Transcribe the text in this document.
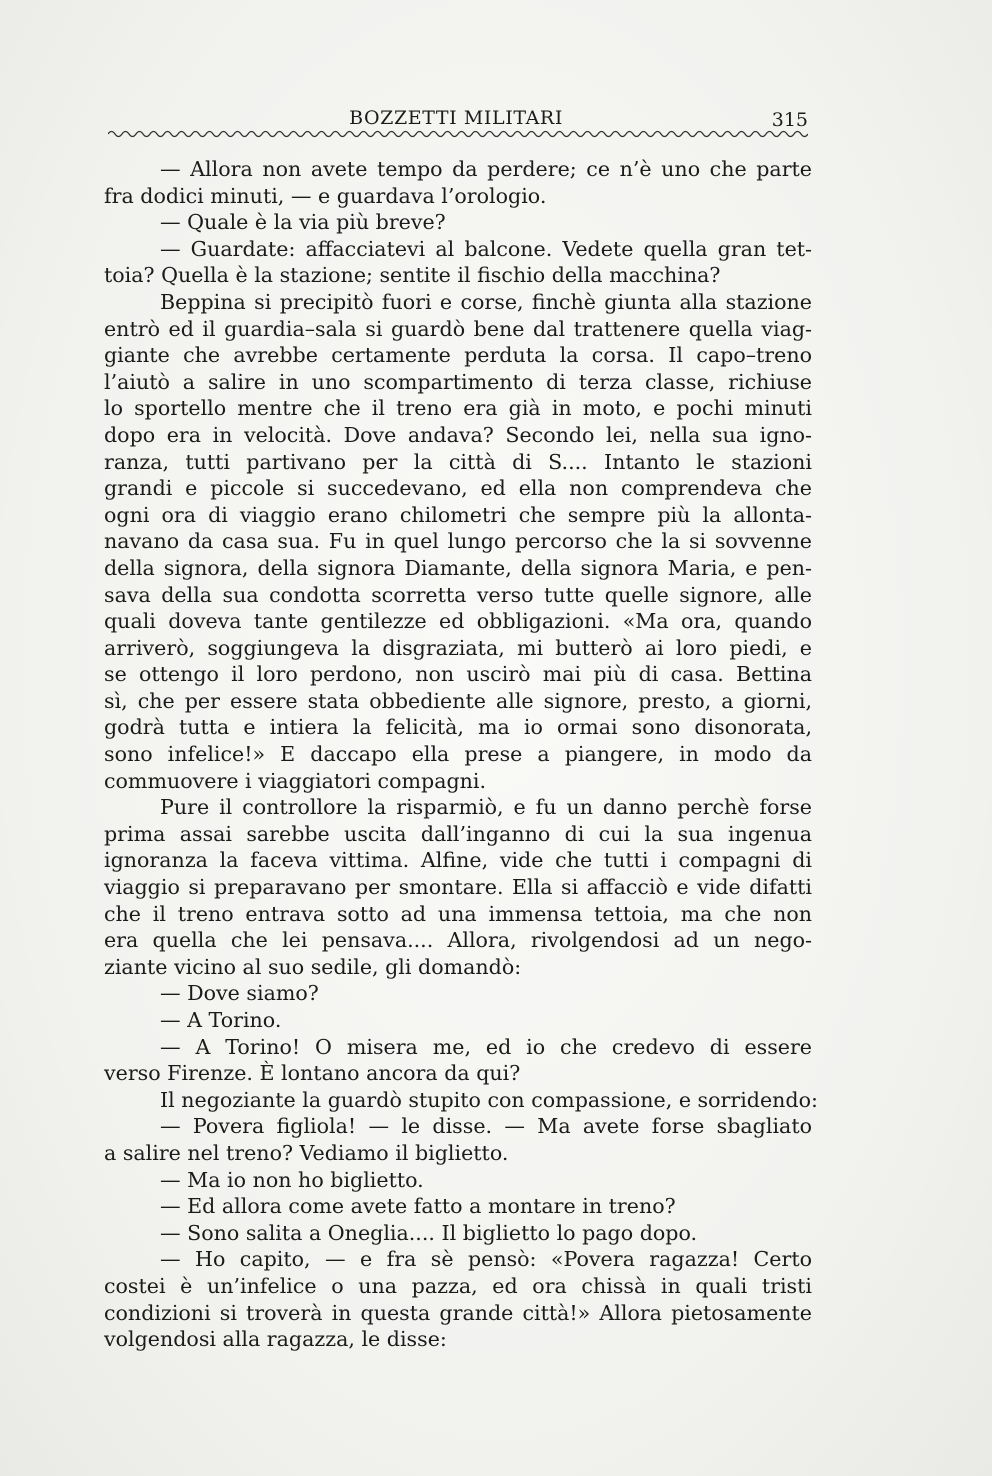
BOZZETTI MILITARI	315
— Allora non avete tempo da perdere; ce n’è uno che parte
fra dodici minuti, — e guardava l’orologio.
— Quale è la via più breve?
— Guardate: affacciatevi al balcone. Vedete quella gran tet-
toia? Quella è la stazione; sentite il fischio della macchina?
Beppina si precipitò fuori e corse, finchè giunta alla stazione
entrò ed il guardia–sala si guardò bene dal trattenere quella viag-
giante che avrebbe certamente perduta la corsa. Il capo–treno
l’aiutò a salire in uno scompartimento di terza classe, richiuse
lo sportello mentre che il treno era già in moto, e pochi minuti
dopo era in velocità. Dove andava? Secondo lei, nella sua igno-
ranza, tutti partivano per la città di S.... Intanto le stazioni
grandi e piccole si succedevano, ed ella non comprendeva che
ogni ora di viaggio erano chilometri che sempre più la allonta-
navano da casa sua. Fu in quel lungo percorso che la si sovvenne
della signora, della signora Diamante, della signora Maria, e pen-
sava della sua condotta scorretta verso tutte quelle signore, alle
quali doveva tante gentilezze ed obbligazioni. «Ma ora, quando
arriverò, soggiungeva la disgraziata, mi butterò ai loro piedi, e
se ottengo il loro perdono, non uscirò mai più di casa. Bettina
sì, che per essere stata obbediente alle signore, presto, a giorni,
godrà tutta e intiera la felicità, ma io ormai sono disonorata,
sono infelice!» E daccapo ella prese a piangere, in modo da
commuovere i viaggiatori compagni.
Pure il controllore la risparmiò, e fu un danno perchè forse
prima assai sarebbe uscita dall’inganno di cui la sua ingenua
ignoranza la faceva vittima. Alfine, vide che tutti i compagni di
viaggio si preparavano per smontare. Ella si affacciò e vide difatti
che il treno entrava sotto ad una immensa tettoia, ma che non
era quella che lei pensava.... Allora, rivolgendosi ad un nego-
ziante vicino al suo sedile, gli domandò:
— Dove siamo?
— A Torino.
— A Torino! O misera me, ed io che credevo di essere
verso Firenze. È lontano ancora da qui?
Il negoziante la guardò stupito con compassione, e sorridendo:
— Povera figliola! — le disse. — Ma avete forse sbagliato
a salire nel treno? Vediamo il biglietto.
— Ma io non ho biglietto.
— Ed allora come avete fatto a montare in treno?
— Sono salita a Oneglia.... Il biglietto lo pago dopo.
— Ho capito, — e fra sè pensò: «Povera ragazza! Certo
costei è un’infelice o una pazza, ed ora chissà in quali tristi
condizioni si troverà in questa grande città!» Allora pietosamente
volgendosi alla ragazza, le disse:
